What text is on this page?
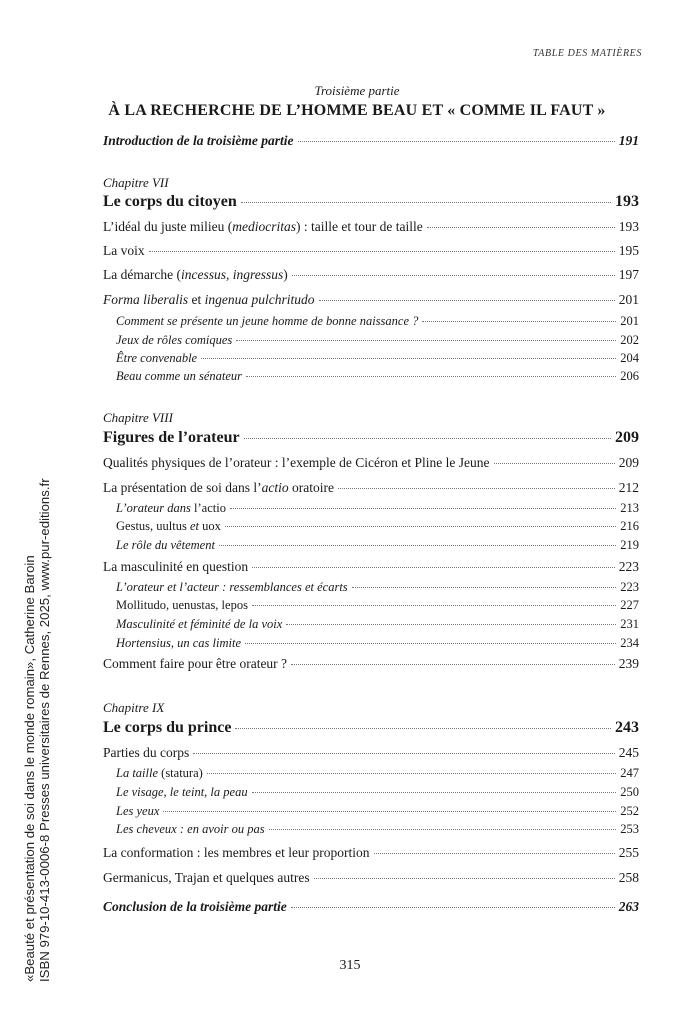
TABLE DES MATIÈRES
Troisième partie
À LA RECHERCHE DE L’HOMME BEAU ET « COMME IL FAUT »
Introduction de la troisième partie	191
Chapitre VII
Le corps du citoyen	193
L’idéal du juste milieu (mediocritas) : taille et tour de taille	193
La voix	195
La démarche (incessus, ingressus)	197
Forma liberalis et ingenua pulchritudo	201
Comment se présente un jeune homme de bonne naissance ?	201
Jeux de rôles comiques	202
Être convenable	204
Beau comme un sénateur	206
Chapitre VIII
Figures de l’orateur	209
Qualités physiques de l’orateur : l’exemple de Cicéron et Pline le Jeune	209
La présentation de soi dans l’actio oratoire	212
L’orateur dans l’actio	213
Gestus, uultus et uox	216
Le rôle du vêtement	219
La masculinité en question	223
L’orateur et l’acteur : ressemblances et écarts	223
Mollitudo, uenustas, lepos	227
Masculinité et féminité de la voix	231
Hortensius, un cas limite	234
Comment faire pour être orateur ?	239
Chapitre IX
Le corps du prince	243
Parties du corps	245
La taille (statura)	247
Le visage, le teint, la peau	250
Les yeux	252
Les cheveux : en avoir ou pas	253
La conformation : les membres et leur proportion	255
Germanicus, Trajan et quelques autres	258
Conclusion de la troisième partie	263
315
«Beauté et présentation de soi dans le monde romain», Catherine Baroin ISBN 979-10-413-0006-8 Presses universitaires de Rennes, 2025, www.pur-editions.fr
